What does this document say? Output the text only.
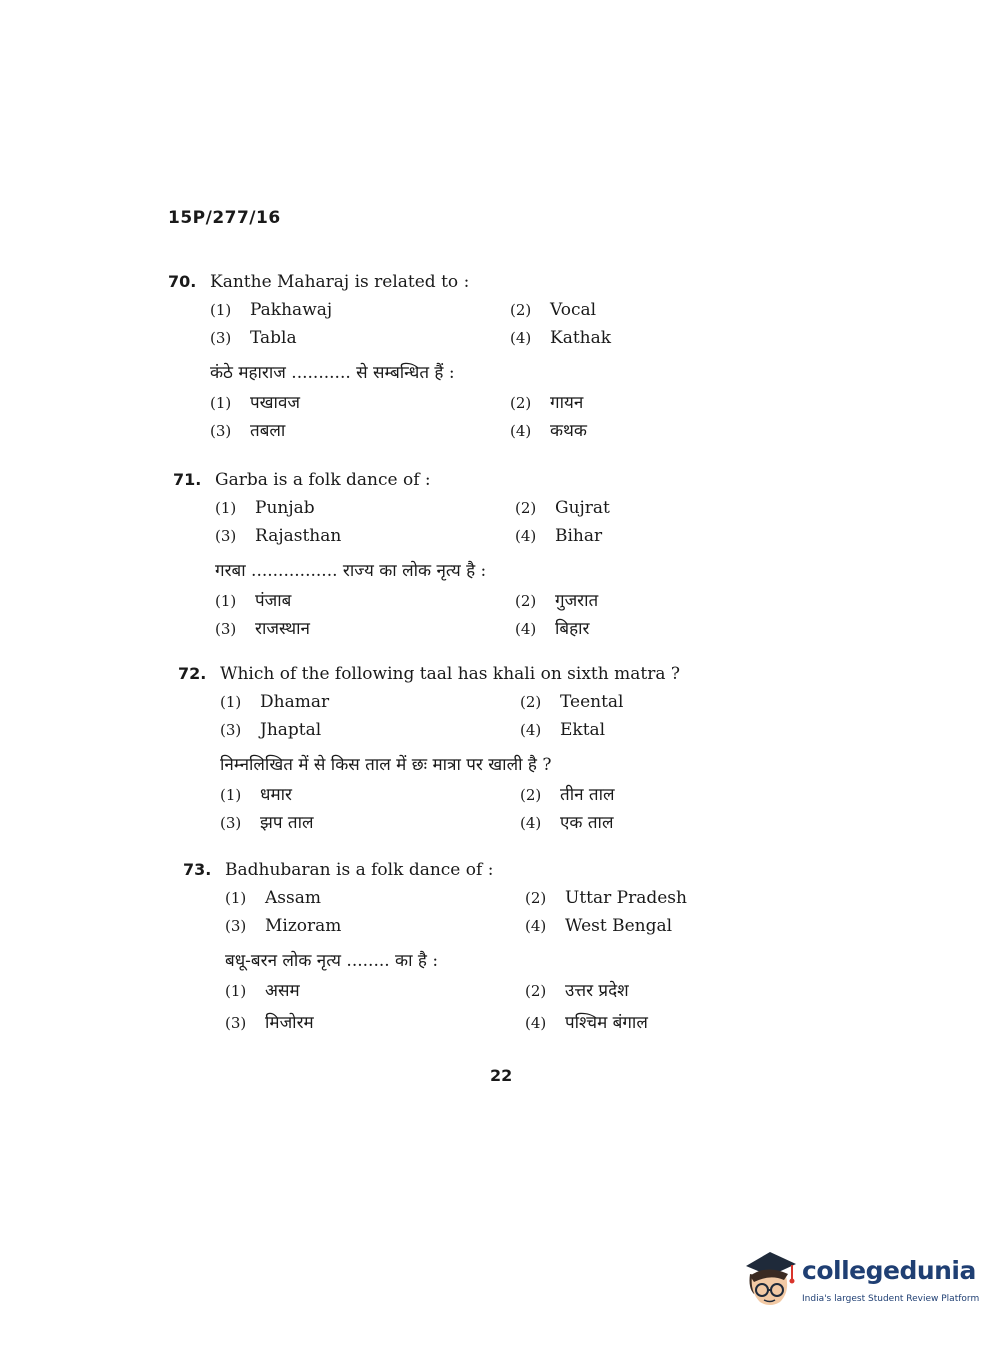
15P/277/16
70. Kanthe Maharaj is related to :
(1) Pakhawaj	(2) Vocal
(3) Tabla	(4) Kathak
कंठे महाराज ........... से सम्बन्धित हैं :
(1) पखावज	(2) गायन
(3) तबला	(4) कथक
71. Garba is a folk dance of :
(1) Punjab	(2) Gujrat
(3) Rajasthan	(4) Bihar
गरबा ................ राज्य का लोक नृत्य है :
(1) पंजाब	(2) गुजरात
(3) राजस्थान	(4) बिहार
72. Which of the following taal has khali on sixth matra ?
(1) Dhamar	(2) Teental
(3) Jhaptal	(4) Ektal
निम्नलिखित में से किस ताल में छः मात्रा पर खाली है ?
(1) धमार	(2) तीन ताल
(3) झप ताल	(4) एक ताल
73. Badhubaran is a folk dance of :
(1) Assam	(2) Uttar Pradesh
(3) Mizoram	(4) West Bengal
बधू-बरन लोक नृत्य ........ का है :
(1) असम	(2) उत्तर प्रदेश
(3) मिजोरम	(4) पश्चिम बंगाल
22
collegedunia
India's largest Student Review Platform
